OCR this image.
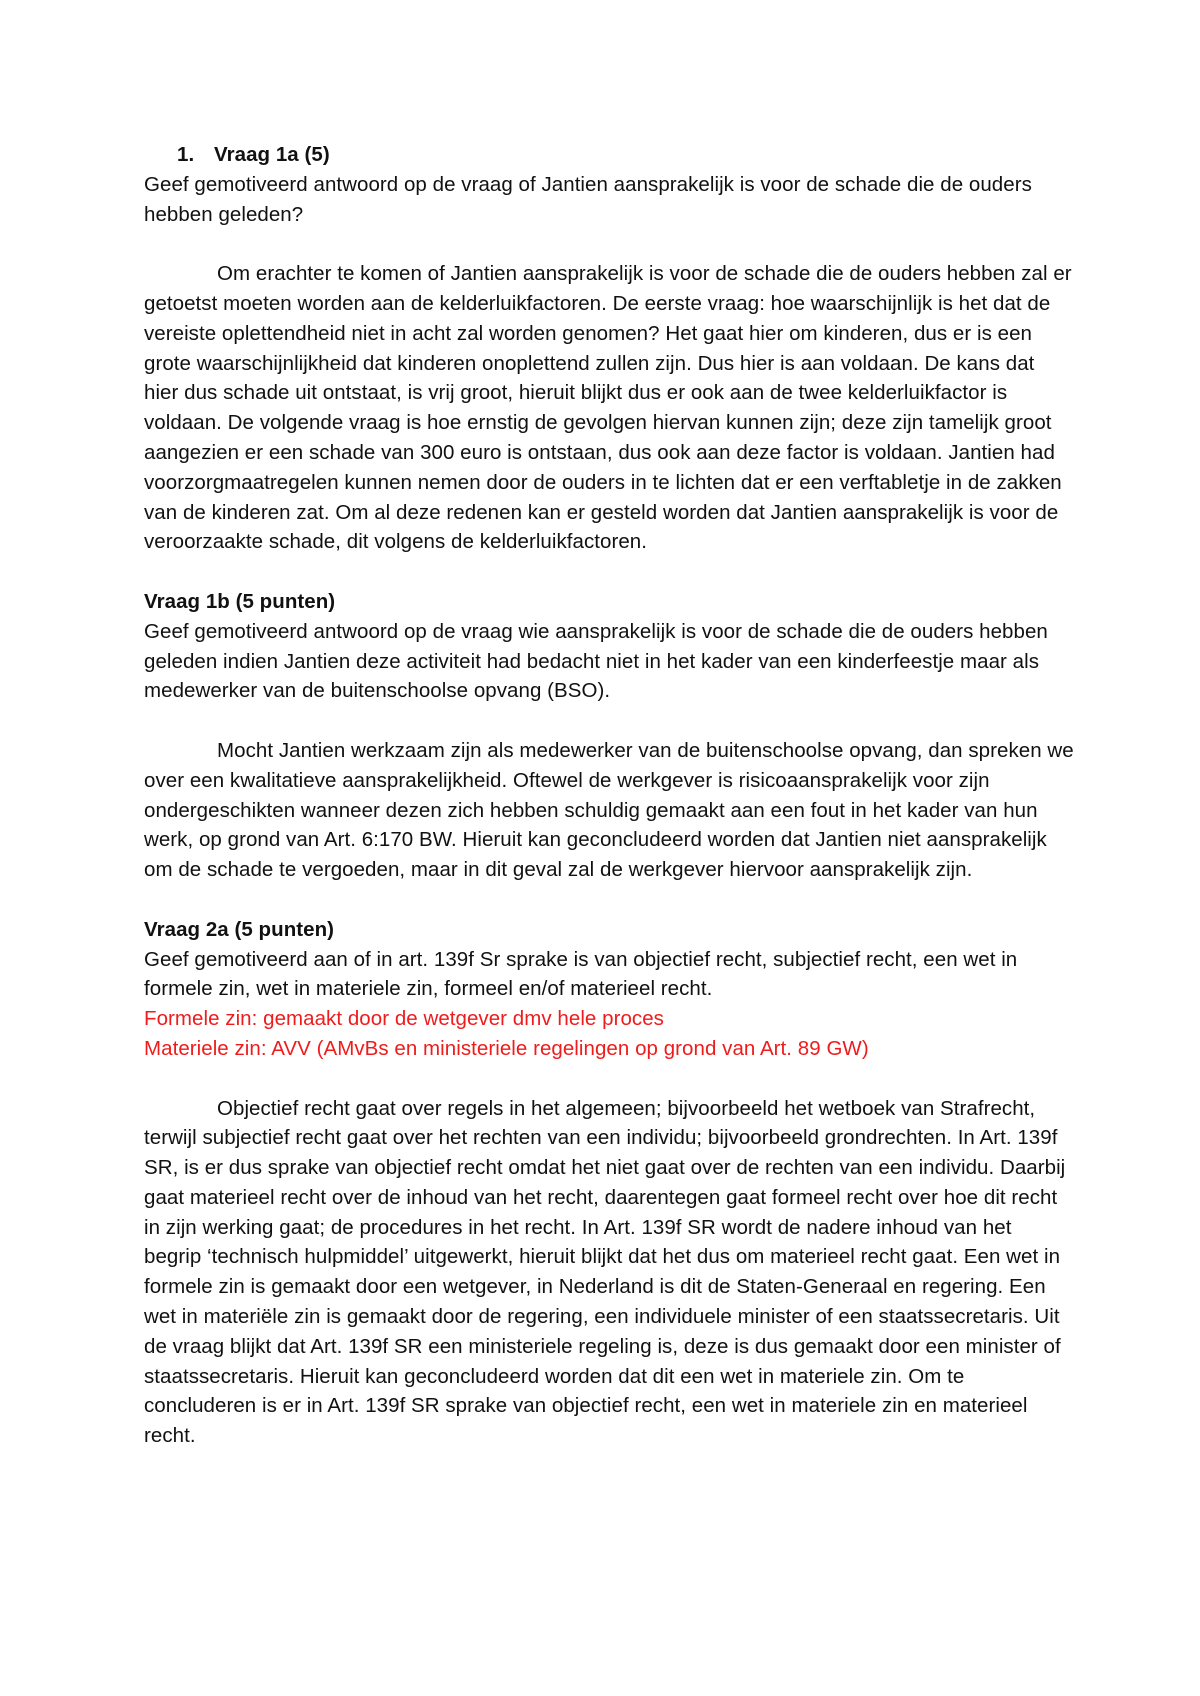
1. Vraag 1a (5)

Geef gemotiveerd antwoord op de vraag of Jantien aansprakelijk is voor de schade die de ouders hebben geleden?

Om erachter te komen of Jantien aansprakelijk is voor de schade die de ouders hebben zal er getoetst moeten worden aan de kelderluikfactoren. De eerste vraag: hoe waarschijnlijk is het dat de vereiste oplettendheid niet in acht zal worden genomen? Het gaat hier om kinderen, dus er is een grote waarschijnlijkheid dat kinderen onoplettend zullen zijn. Dus hier is aan voldaan. De kans dat hier dus schade uit ontstaat, is vrij groot, hieruit blijkt dus er ook aan de twee kelderluikfactor is voldaan. De volgende vraag is hoe ernstig de gevolgen hiervan kunnen zijn; deze zijn tamelijk groot aangezien er een schade van 300 euro is ontstaan, dus ook aan deze factor is voldaan. Jantien had voorzorgmaatregelen kunnen nemen door de ouders in te lichten dat er een verftabletje in de zakken van de kinderen zat. Om al deze redenen kan er gesteld worden dat Jantien aansprakelijk is voor de veroorzaakte schade, dit volgens de kelderluikfactoren.

Vraag 1b (5 punten)

Geef gemotiveerd antwoord op de vraag wie aansprakelijk is voor de schade die de ouders hebben geleden indien Jantien deze activiteit had bedacht niet in het kader van een kinderfeestje maar als medewerker van de buitenschoolse opvang (BSO).

Mocht Jantien werkzaam zijn als medewerker van de buitenschoolse opvang, dan spreken we over een kwalitatieve aansprakelijkheid. Oftewel de werkgever is risicoaansprakelijk voor zijn ondergeschikten wanneer dezen zich hebben schuldig gemaakt aan een fout in het kader van hun werk, op grond van Art. 6:170 BW. Hieruit kan geconcludeerd worden dat Jantien niet aansprakelijk om de schade te vergoeden, maar in dit geval zal de werkgever hiervoor aansprakelijk zijn.

Vraag 2a (5 punten)

Geef gemotiveerd aan of in art. 139f Sr sprake is van objectief recht, subjectief recht, een wet in formele zin, wet in materiele zin, formeel en/of materieel recht.

Formele zin: gemaakt door de wetgever dmv hele proces

Materiele zin: AVV (AMvBs en ministeriele regelingen op grond van Art. 89 GW)

Objectief recht gaat over regels in het algemeen; bijvoorbeeld het wetboek van Strafrecht, terwijl subjectief recht gaat over het rechten van een individu; bijvoorbeeld grondrechten. In Art. 139f SR, is er dus sprake van objectief recht omdat het niet gaat over de rechten van een individu. Daarbij gaat materieel recht over de inhoud van het recht, daarentegen gaat formeel recht over hoe dit recht in zijn werking gaat; de procedures in het recht. In Art. 139f SR wordt de nadere inhoud van het begrip ‘technisch hulpmiddel’ uitgewerkt, hieruit blijkt dat het dus om materieel recht gaat. Een wet in formele zin is gemaakt door een wetgever, in Nederland is dit de Staten-Generaal en regering. Een wet in materiële zin is gemaakt door de regering, een individuele minister of een staatssecretaris. Uit de vraag blijkt dat Art. 139f SR een ministeriele regeling is, deze is dus gemaakt door een minister of staatssecretaris. Hieruit kan geconcludeerd worden dat dit een wet in materiele zin. Om te concluderen is er in Art. 139f SR sprake van objectief recht, een wet in materiele zin en materieel recht.
